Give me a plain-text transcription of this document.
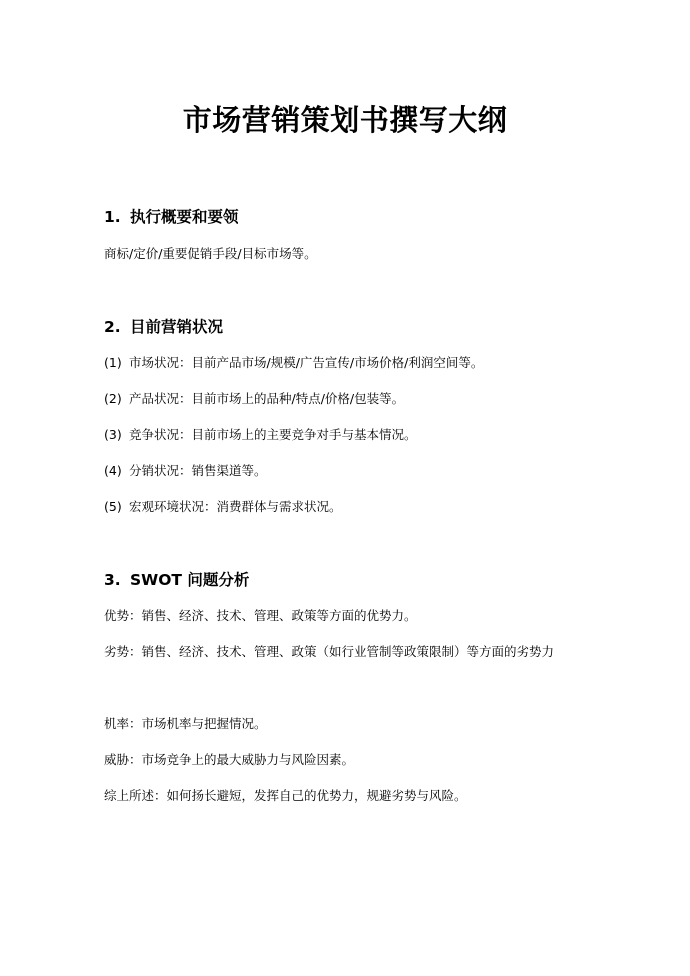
市场营销策划书撰写大纲
1. 执行概要和要领
商标/定价/重要促销手段/目标市场等。
2. 目前营销状况
(1) 市场状况：目前产品市场/规模/广告宣传/市场价格/利润空间等。
(2) 产品状况：目前市场上的品种/特点/价格/包装等。
(3) 竞争状况：目前市场上的主要竞争对手与基本情况。
(4) 分销状况：销售渠道等。
(5) 宏观环境状况：消费群体与需求状况。
3. SWOT 问题分析
优势：销售、经济、技术、管理、政策等方面的优势力。
劣势：销售、经济、技术、管理、政策（如行业管制等政策限制）等方面的劣势力
机率：市场机率与把握情况。
威胁：市场竞争上的最大威胁力与风险因素。
综上所述：如何扬长避短，发挥自己的优势力，规避劣势与风险。
